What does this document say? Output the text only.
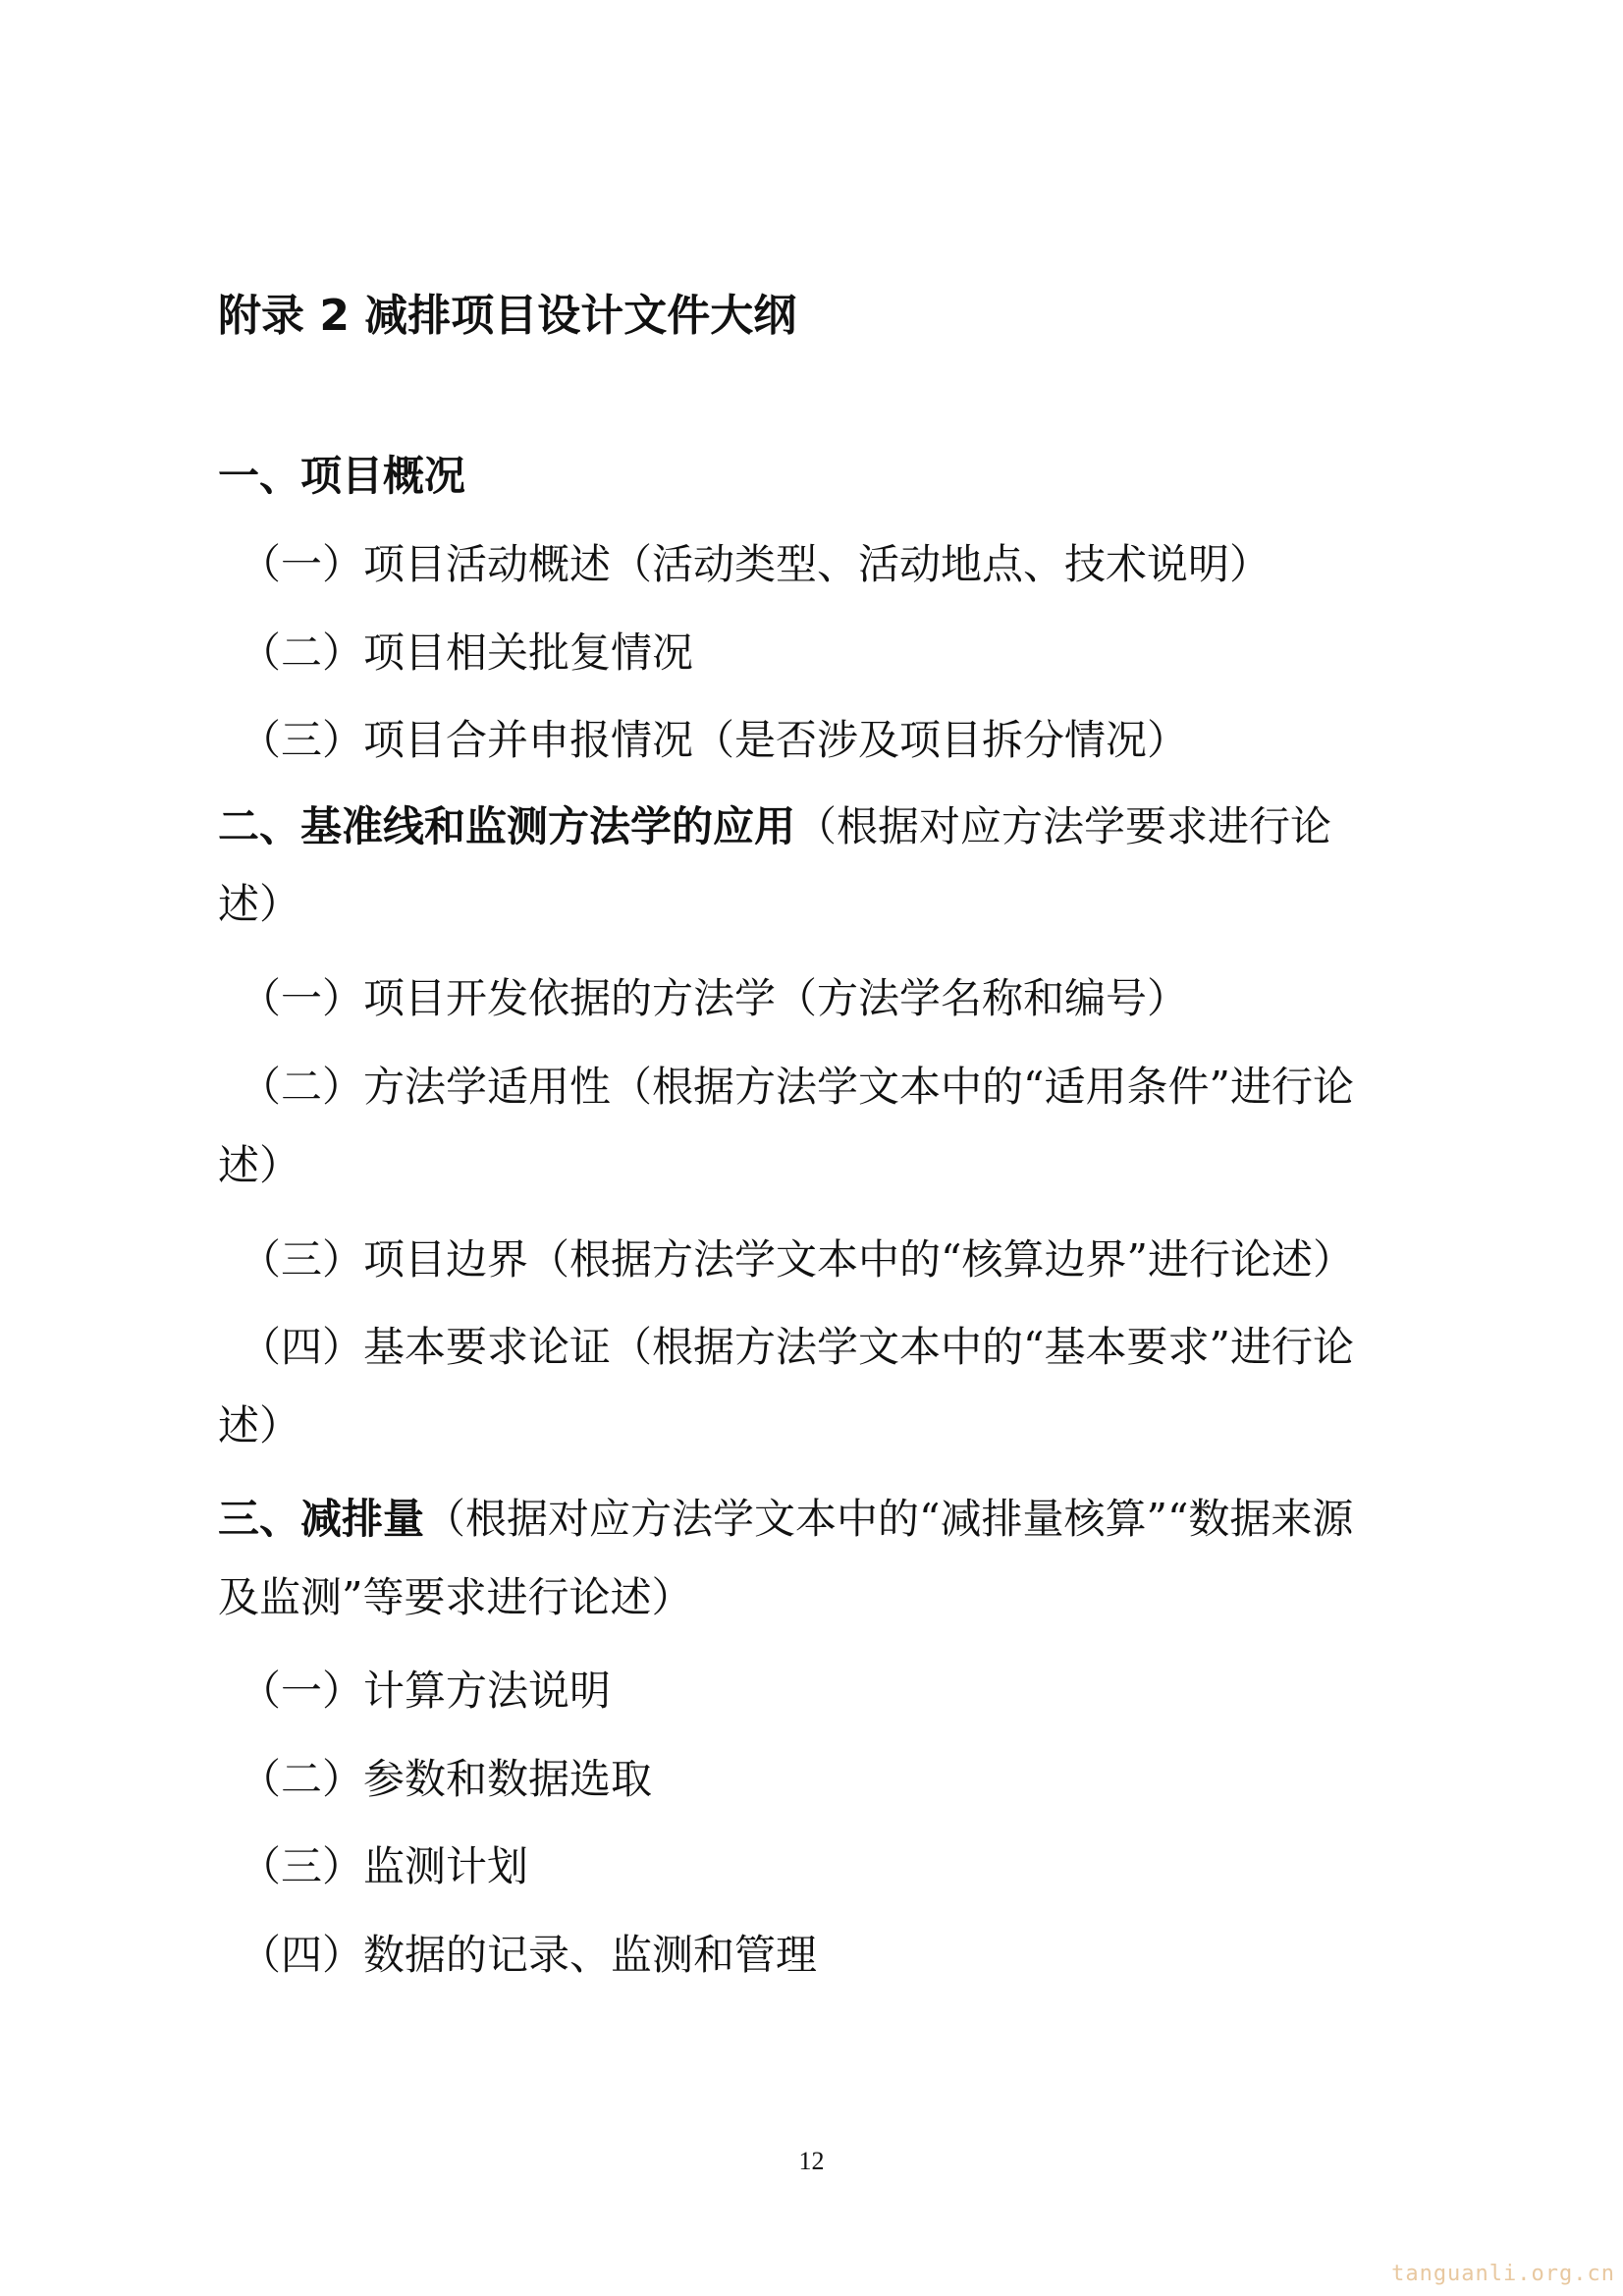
附录 2 减排项目设计文件大纲

一、项目概况

（一）项目活动概述（活动类型、活动地点、技术说明）

（二）项目相关批复情况

（三）项目合并申报情况（是否涉及项目拆分情况）

二、基准线和监测方法学的应用（根据对应方法学要求进行论

述）

（一）项目开发依据的方法学（方法学名称和编号）

（二）方法学适用性（根据方法学文本中的“适用条件”进行论

述）

（三）项目边界（根据方法学文本中的“核算边界”进行论述）

（四）基本要求论证（根据方法学文本中的“基本要求”进行论

述）

三、减排量（根据对应方法学文本中的“减排量核算”“数据来源

及监测”等要求进行论述）

（一）计算方法说明

（二）参数和数据选取

（三）监测计划

（四）数据的记录、监测和管理

12
tanguanli.org.cn
